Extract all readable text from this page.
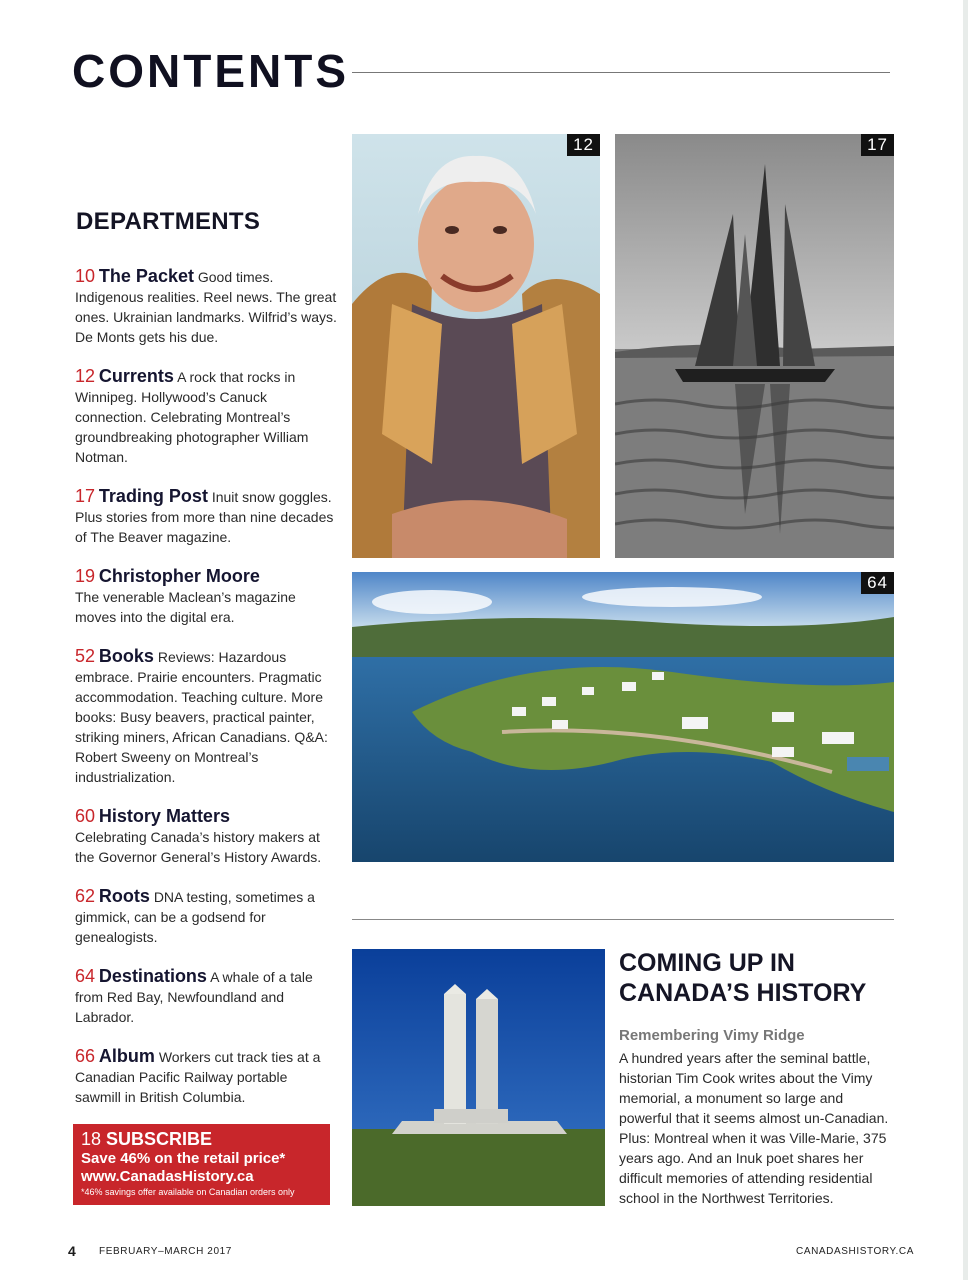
CONTENTS
DEPARTMENTS

10 The Packet Good times. Indigenous realities. Reel news. The great ones. Ukrainian landmarks. Wilfrid’s ways. De Monts gets his due.

12 Currents A rock that rocks in Winnipeg. Hollywood’s Canuck connection. Celebrating Montreal’s groundbreaking photographer William Notman.

17 Trading Post Inuit snow goggles. Plus stories from more than nine decades of The Beaver magazine.

19 Christopher Moore
The venerable Maclean’s magazine moves into the digital era.

52 Books Reviews: Hazardous embrace. Prairie encounters. Pragmatic accommodation. Teaching culture. More books: Busy beavers, practical painter, striking miners, African Canadians. Q&A: Robert Sweeny on Montreal’s industrialization.

60 History Matters
Celebrating Canada’s history makers at the Governor General’s History Awards.

62 Roots DNA testing, sometimes a gimmick, can be a godsend for genealogists.

64 Destinations A whale of a tale from Red Bay, Newfoundland and Labrador.

66 Album Workers cut track ties at a Canadian Pacific Railway portable sawmill in British Columbia.

18 SUBSCRIBE
Save 46% on the retail price*
www.CanadasHistory.ca
*46% savings offer available on Canadian orders only
12	17
64
COMING UP IN CANADA’S HISTORY
Remembering Vimy Ridge
A hundred years after the seminal battle, historian Tim Cook writes about the Vimy memorial, a monument so large and powerful that it seems almost un-Canadian. Plus: Montreal when it was Ville-Marie, 375 years ago. And an Inuk poet shares her difficult memories of attending residential school in the Northwest Territories.
4 FEBRUARY–MARCH 2017	CANADASHISTORY.CA
